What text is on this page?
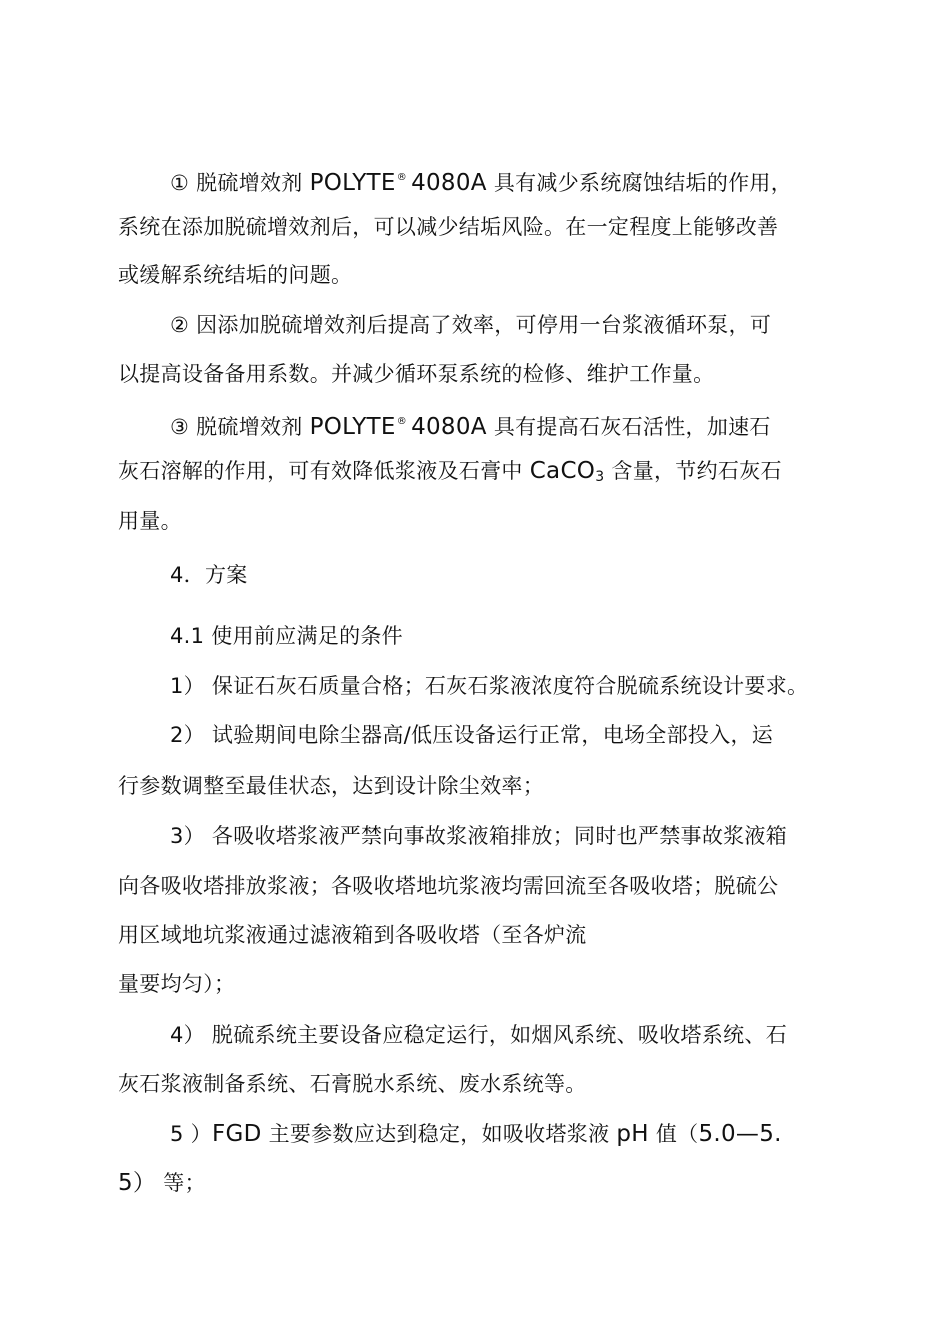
① 脱硫增效剂 POLYTE® 4080A 具有减少系统腐蚀结垢的作用，
系统在添加脱硫增效剂后，可以减少结垢风险。在一定程度上能够改善
或缓解系统结垢的问题。
② 因添加脱硫增效剂后提高了效率，可停用一台浆液循环泵，可
以提高设备备用系数。并减少循环泵系统的检修、维护工作量。
③ 脱硫增效剂 POLYTE® 4080A 具有提高石灰石活性，加速石
灰石溶解的作用，可有效降低浆液及石膏中 CaCO$_3$ 含量，节约石灰石
用量。
4．方案
4.1 使用前应满足的条件
1） 保证石灰石质量合格；石灰石浆液浓度符合脱硫系统设计要求。
2） 试验期间电除尘器高/低压设备运行正常，电场全部投入，运
行参数调整至最佳状态，达到设计除尘效率；
3） 各吸收塔浆液严禁向事故浆液箱排放；同时也严禁事故浆液箱
向各吸收塔排放浆液；各吸收塔地坑浆液均需回流至各吸收塔；脱硫公
用区域地坑浆液通过滤液箱到各吸收塔（至各炉流
量要均匀）；
4） 脱硫系统主要设备应稳定运行，如烟风系统、吸收塔系统、石
灰石浆液制备系统、石膏脱水系统、废水系统等。
5 ）FGD 主要参数应达到稳定，如吸收塔浆液 pH 值（5.0—5.
5） 等；
